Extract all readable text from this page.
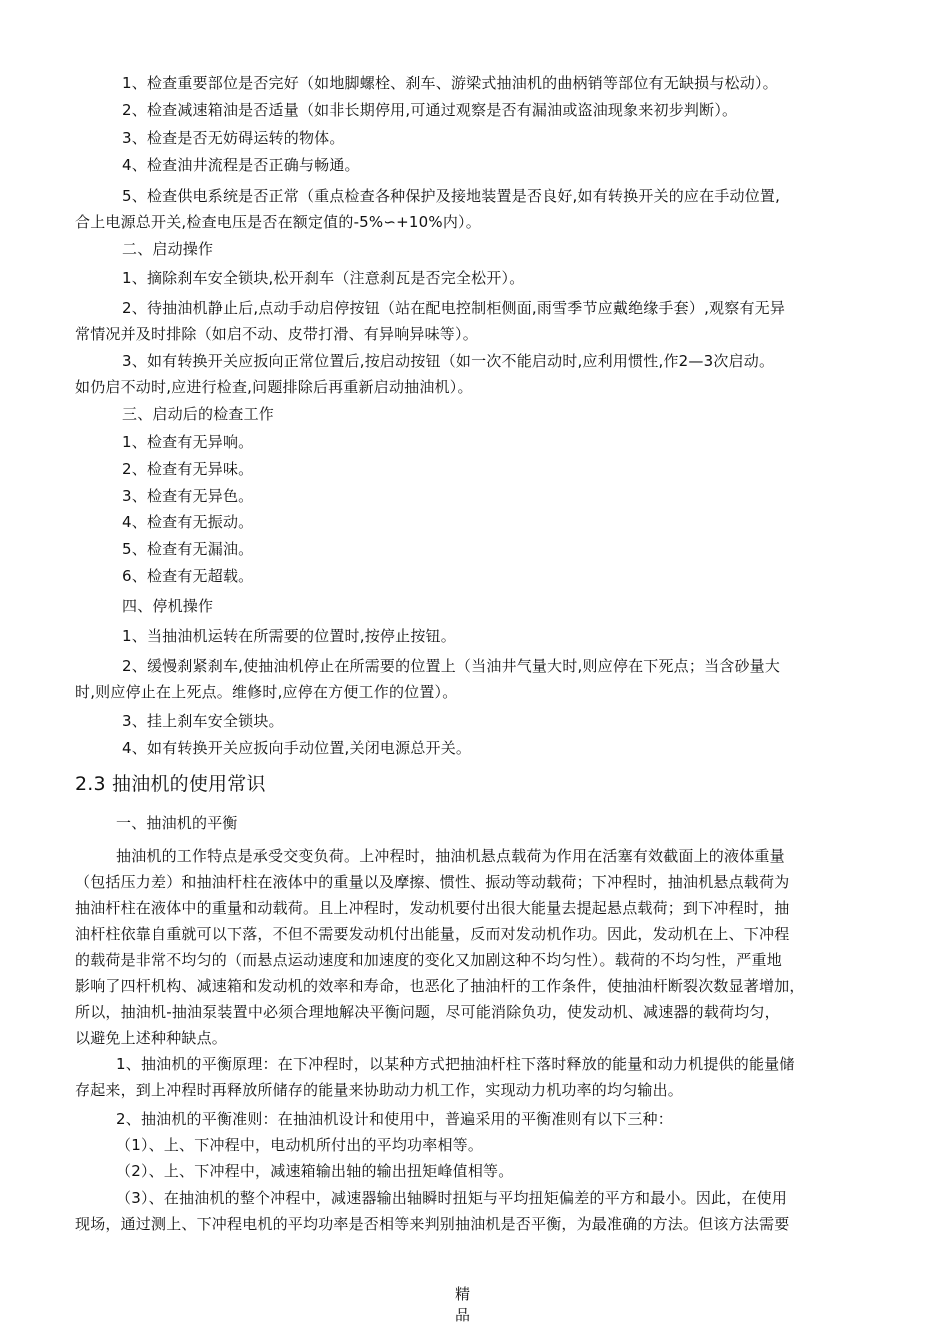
1、检查重要部位是否完好（如地脚螺栓、刹车、游梁式抽油机的曲柄销等部位有无缺损与松动）。
2、检查减速箱油是否适量（如非长期停用,可通过观察是否有漏油或盗油现象来初步判断）。
3、检查是否无妨碍运转的物体。
4、检查油井流程是否正确与畅通。
5、检查供电系统是否正常（重点检查各种保护及接地装置是否良好,如有转换开关的应在手动位置,
合上电源总开关,检查电压是否在额定值的-5%∽+10%内）。
二、启动操作
1、摘除刹车安全锁块,松开刹车（注意刹瓦是否完全松开）。
2、待抽油机静止后,点动手动启停按钮（站在配电控制柜侧面,雨雪季节应戴绝缘手套）,观察有无异
常情况并及时排除（如启不动、皮带打滑、有异响异味等）。
3、如有转换开关应扳向正常位置后,按启动按钮（如一次不能启动时,应利用惯性,作2—3次启动。
如仍启不动时,应进行检查,问题排除后再重新启动抽油机）。
三、启动后的检查工作
1、检查有无异响。
2、检查有无异味。
3、检查有无异色。
4、检查有无振动。
5、检查有无漏油。
6、检查有无超载。
四、停机操作
1、当抽油机运转在所需要的位置时,按停止按钮。
2、缓慢刹紧刹车,使抽油机停止在所需要的位置上（当油井气量大时,则应停在下死点；当含砂量大
时,则应停止在上死点。维修时,应停在方便工作的位置）。
3、挂上刹车安全锁块。
4、如有转换开关应扳向手动位置,关闭电源总开关。
2.3 抽油机的使用常识
一、抽油机的平衡
抽油机的工作特点是承受交变负荷。上冲程时，抽油机悬点载荷为作用在活塞有效截面上的液体重量
（包括压力差）和抽油杆柱在液体中的重量以及摩擦、惯性、振动等动载荷；下冲程时，抽油机悬点载荷为
抽油杆柱在液体中的重量和动载荷。且上冲程时，发动机要付出很大能量去提起悬点载荷；到下冲程时，抽
油杆柱依靠自重就可以下落，不但不需要发动机付出能量，反而对发动机作功。因此，发动机在上、下冲程
的载荷是非常不均匀的（而悬点运动速度和加速度的变化又加剧这种不均匀性）。载荷的不均匀性，严重地
影响了四杆机构、减速箱和发动机的效率和寿命，也恶化了抽油杆的工作条件，使抽油杆断裂次数显著增加，
所以，抽油机-抽油泵装置中必须合理地解决平衡问题，尽可能消除负功，使发动机、减速器的载荷均匀，
以避免上述种种缺点。
1、抽油机的平衡原理：在下冲程时，以某种方式把抽油杆柱下落时释放的能量和动力机提供的能量储
存起来，到上冲程时再释放所储存的能量来协助动力机工作，实现动力机功率的均匀输出。
2、抽油机的平衡准则：在抽油机设计和使用中，普遍采用的平衡准则有以下三种：
（1）、上、下冲程中，电动机所付出的平均功率相等。
（2）、上、下冲程中，减速箱输出轴的输出扭矩峰值相等。
（3）、在抽油机的整个冲程中，减速器输出轴瞬时扭矩与平均扭矩偏差的平方和最小。因此，在使用
现场，通过测上、下冲程电机的平均功率是否相等来判别抽油机是否平衡，为最准确的方法。但该方法需要
精
品
